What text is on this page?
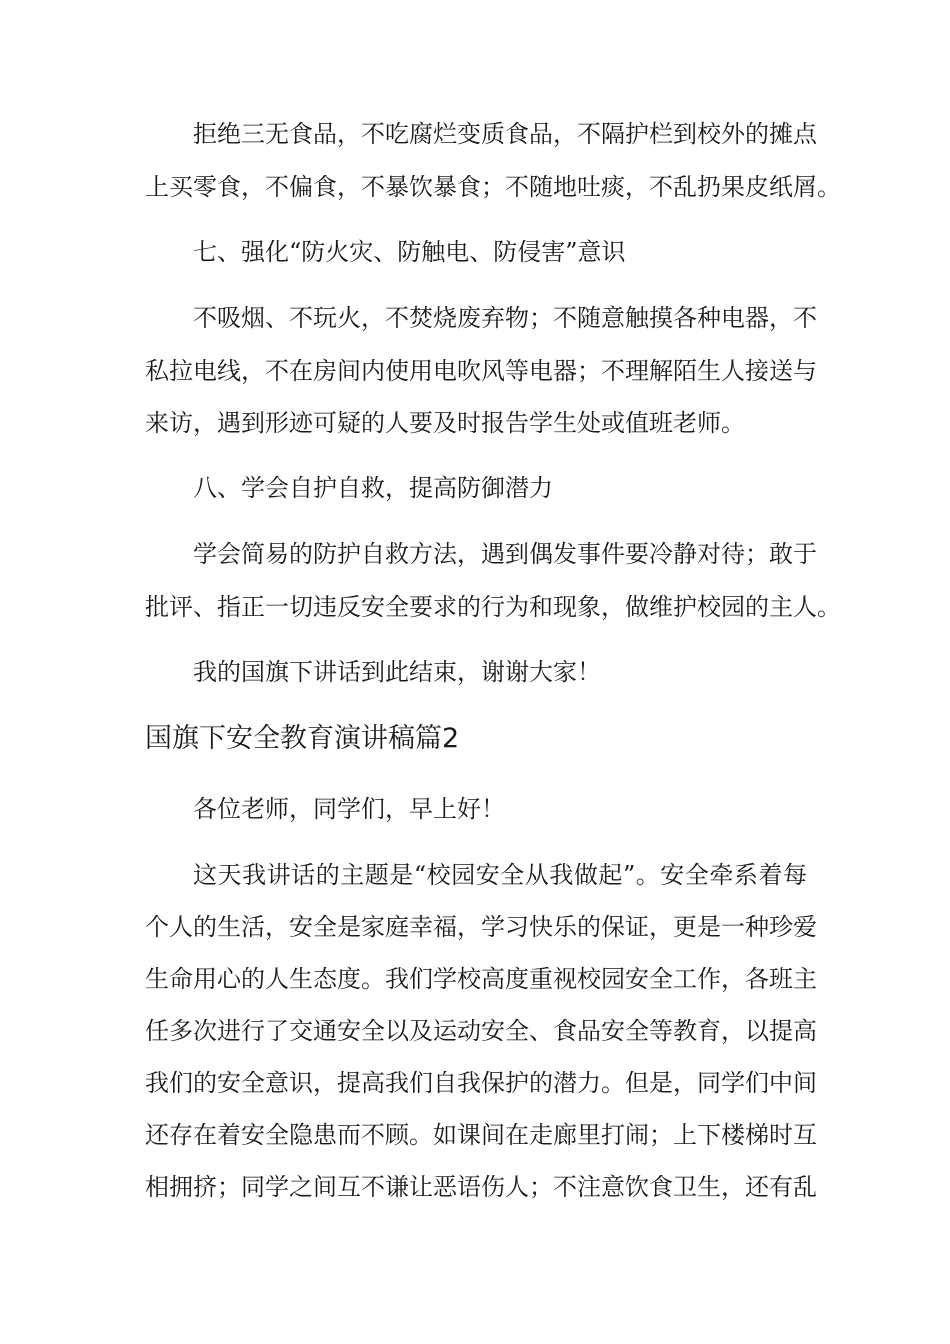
拒绝三无食品，不吃腐烂变质食品，不隔护栏到校外的摊点
上买零食，不偏食，不暴饮暴食；不随地吐痰，不乱扔果皮纸屑。
七、强化“防火灾、防触电、防侵害”意识
不吸烟、不玩火，不焚烧废弃物；不随意触摸各种电器，不
私拉电线，不在房间内使用电吹风等电器；不理解陌生人接送与
来访，遇到形迹可疑的人要及时报告学生处或值班老师。
八、学会自护自救，提高防御潜力
学会简易的防护自救方法，遇到偶发事件要冷静对待；敢于
批评、指正一切违反安全要求的行为和现象，做维护校园的主人。
我的国旗下讲话到此结束，谢谢大家！
国旗下安全教育演讲稿篇2
各位老师，同学们，早上好！
这天我讲话的主题是“校园安全从我做起”。安全牵系着每
个人的生活，安全是家庭幸福，学习快乐的保证，更是一种珍爱
生命用心的人生态度。我们学校高度重视校园安全工作，各班主
任多次进行了交通安全以及运动安全、食品安全等教育，以提高
我们的安全意识，提高我们自我保护的潜力。但是，同学们中间
还存在着安全隐患而不顾。如课间在走廊里打闹；上下楼梯时互
相拥挤；同学之间互不谦让恶语伤人；不注意饮食卫生，还有乱
